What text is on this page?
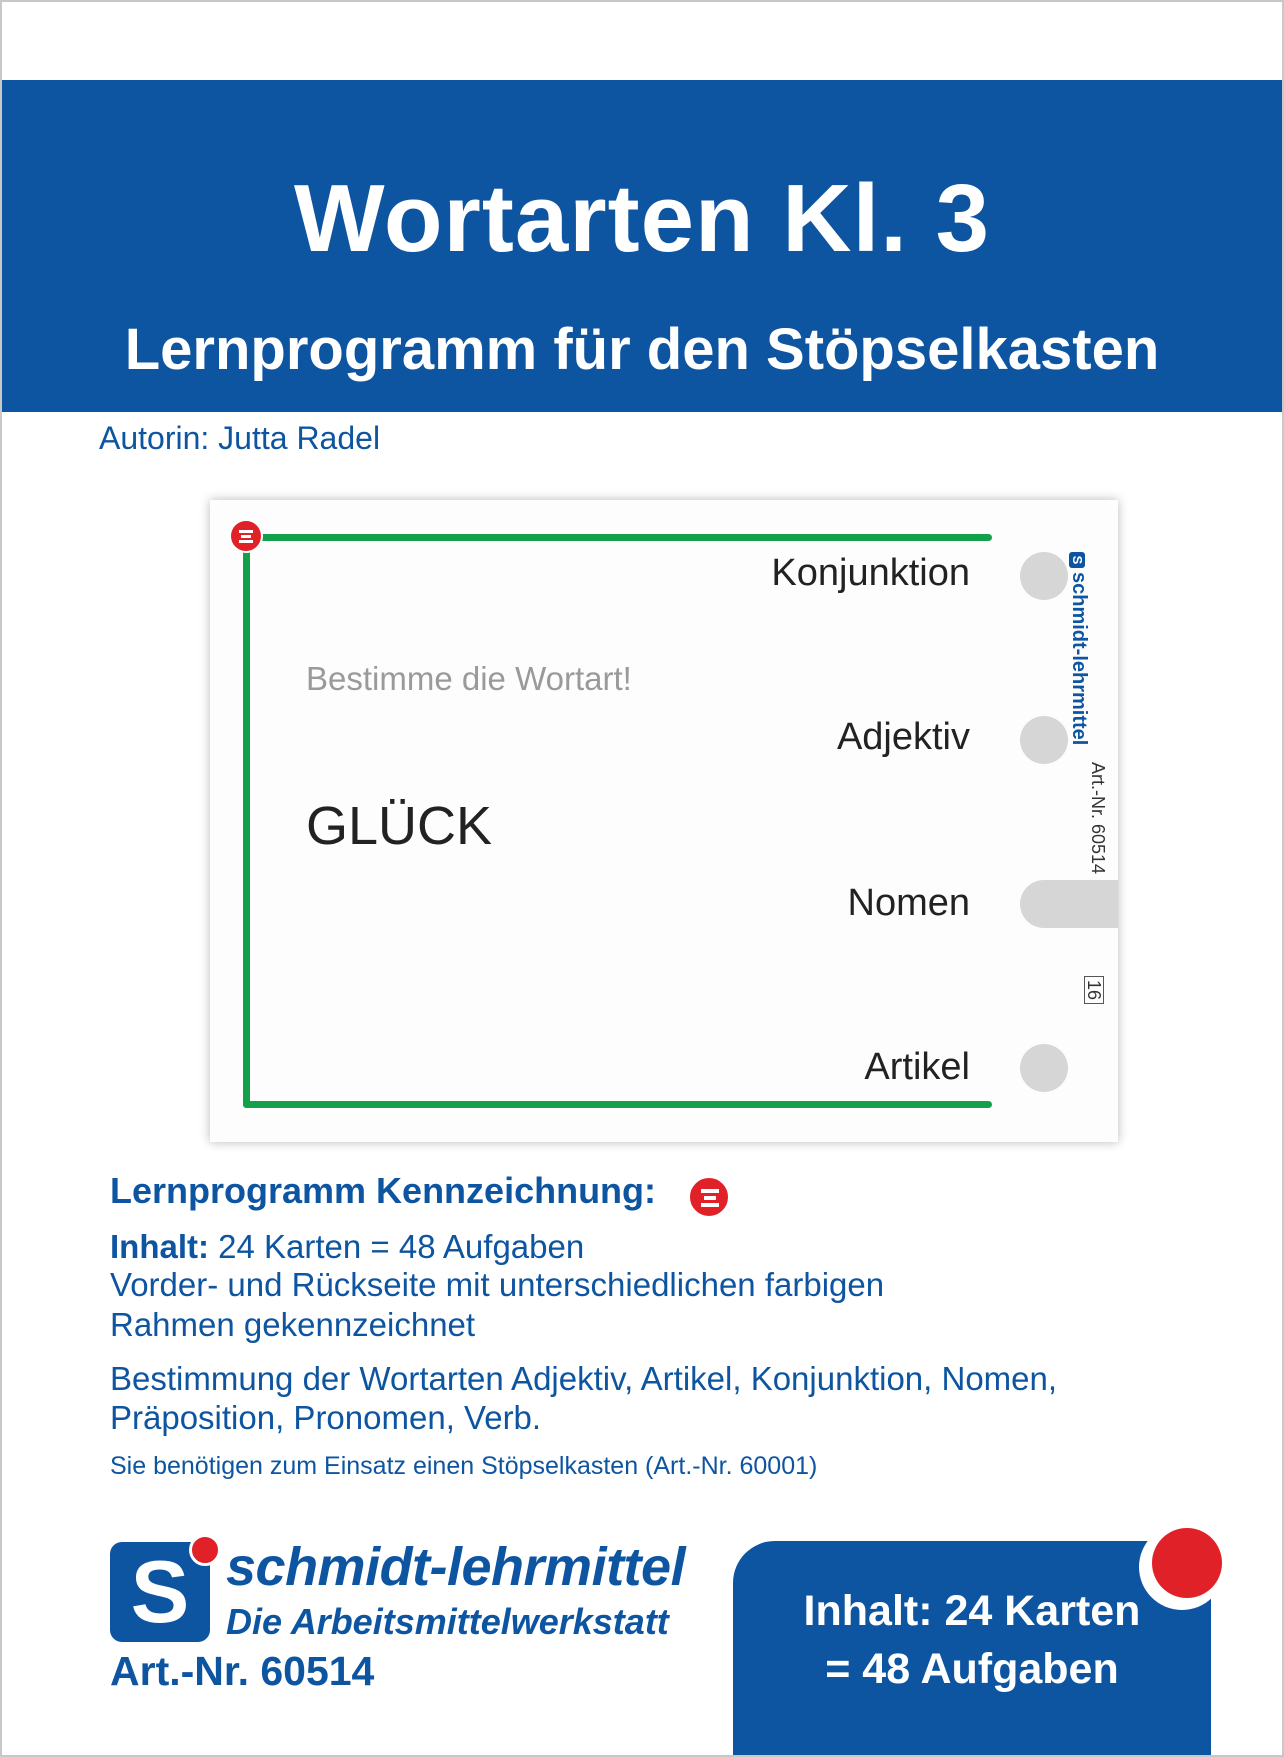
Wortarten Kl. 3
Lernprogramm für den Stöpselkasten
Autorin: Jutta Radel
Bestimme die Wortart!
GLÜCK
Konjunktion
Adjektiv
Nomen
Artikel
Sschmidt-lehrmittel
Art.-Nr. 60514
16
Lernprogramm Kennzeichnung:
Inhalt: 24 Karten = 48 Aufgaben
Vorder- und Rückseite mit unterschiedlichen farbigen
Rahmen gekennzeichnet
Bestimmung der Wortarten Adjektiv, Artikel, Konjunktion, Nomen,
Präposition, Pronomen, Verb.
Sie benötigen zum Einsatz einen Stöpselkasten (Art.-Nr. 60001)
S schmidt-lehrmittel
Die Arbeitsmittelwerkstatt
Art.-Nr. 60514
Inhalt: 24 Karten
= 48 Aufgaben
